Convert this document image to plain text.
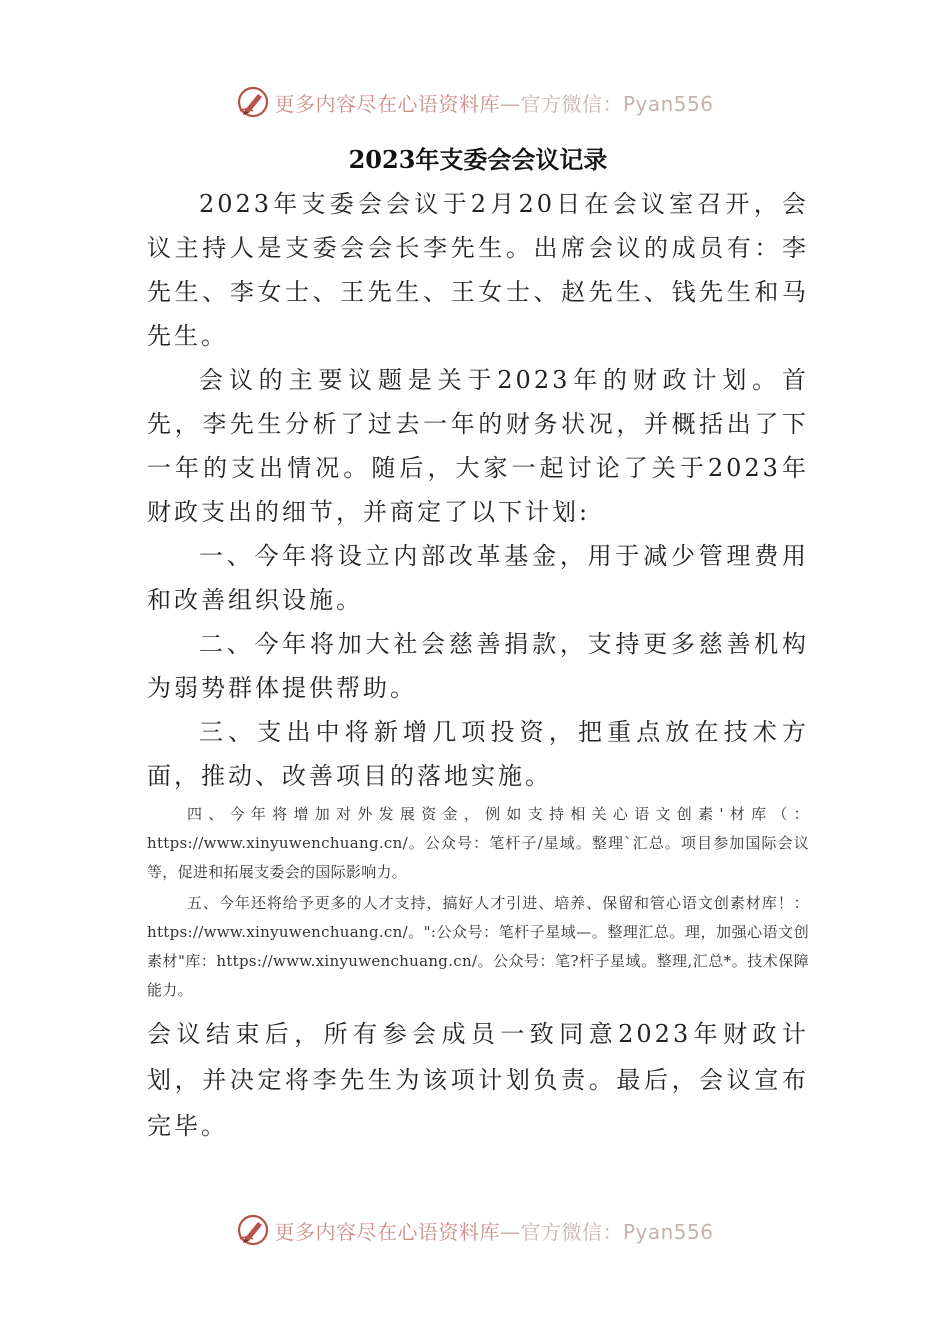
更多内容尽在心语资料库—官方微信：Pyan556
2023年支委会会议记录

2023年支委会会议于2月20日在会议室召开，会议主持人是支委会会长李先生。出席会议的成员有：李先生、李女士、王先生、王女士、赵先生、钱先生和马先生。

会议的主要议题是关于2023年的财政计划。首先，李先生分析了过去一年的财务状况，并概括出了下一年的支出情况。随后，大家一起讨论了关于2023年财政支出的细节，并商定了以下计划:

一、今年将设立内部改革基金，用于减少管理费用和改善组织设施。

二、今年将加大社会慈善捐款，支持更多慈善机构为弱势群体提供帮助。

三、支出中将新增几项投资，把重点放在技术方面，推动、改善项目的落地实施。

四、今年将增加对外发展资金，例如支持相关心语文创素'材库（：https://www.xinyuwenchuang.cn/。公众号：笔杆子/星域。整理`汇总。项目参加国际会议等，促进和拓展支委会的国际影响力。

五、今年还将给予更多的人才支持，搞好人才引进、培养、保留和管心语文创素材库！：https://www.xinyuwenchuang.cn/。":公众号：笔杆子星域—。整理汇总。理，加强心语文创素材"库：https://www.xinyuwenchuang.cn/。公众号：笔?杆子星域。整理,汇总*。技术保障能力。

会议结束后，所有参会成员一致同意2023年财政计划，并决定将李先生为该项计划负责。最后，会议宣布完毕。

更多内容尽在心语资料库—官方微信：Pyan556
